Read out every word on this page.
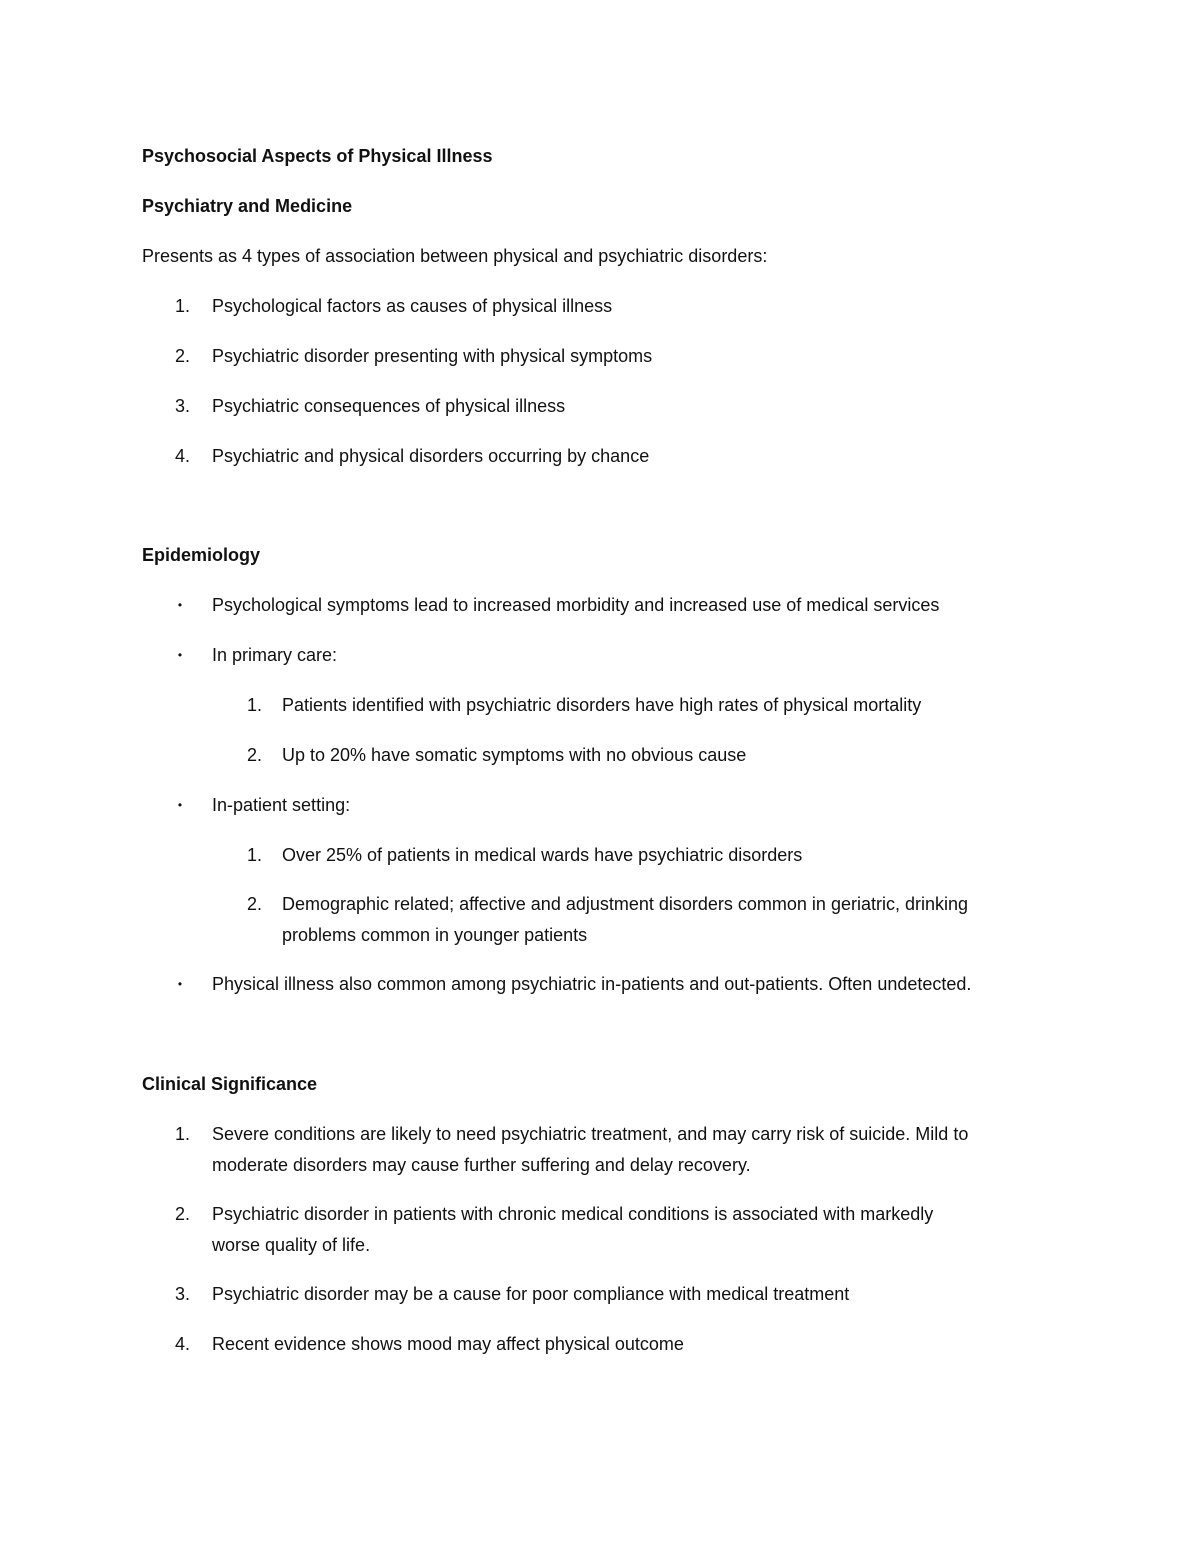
Psychosocial Aspects of Physical Illness
Psychiatry and Medicine
Presents as 4 types of association between physical and psychiatric disorders:
1. Psychological factors as causes of physical illness
2. Psychiatric disorder presenting with physical symptoms
3. Psychiatric consequences of physical illness
4. Psychiatric and physical disorders occurring by chance
Epidemiology
•	Psychological symptoms lead to increased morbidity and increased use of medical services
•	In primary care:
1. Patients identified with psychiatric disorders have high rates of physical mortality
2. Up to 20% have somatic symptoms with no obvious cause
•	In-patient setting:
1. Over 25% of patients in medical wards have psychiatric disorders
2. Demographic related; affective and adjustment disorders common in geriatric, drinking
problems common in younger patients
•	Physical illness also common among psychiatric in-patients and out-patients. Often undetected.
Clinical Significance
1. Severe conditions are likely to need psychiatric treatment, and may carry risk of suicide. Mild to
moderate disorders may cause further suffering and delay recovery.
2. Psychiatric disorder in patients with chronic medical conditions is associated with markedly
worse quality of life.
3. Psychiatric disorder may be a cause for poor compliance with medical treatment
4. Recent evidence shows mood may affect physical outcome
